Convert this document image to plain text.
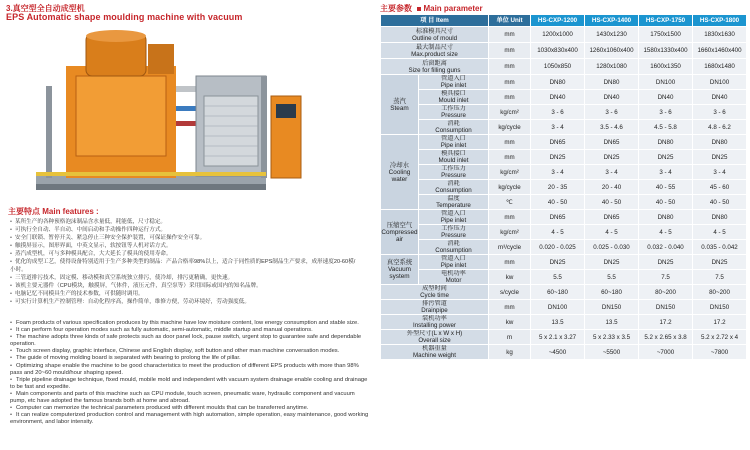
3.真空型全自动成型机
EPS Automatic shape moulding machine with vacuum
主要特点 Main features :
• 某所生产的各种预格泡沫制品含水量低，耗能低，尺寸稳定。
• 可执行全自动、半自动、中间启动和手动操作四种运行方式。
• 安全门联锁、暂停开关、紧急停止三种安全保护装置，可保证操作安全可靠。
• 触摸屏显示，图形界面，中英文显示，软按钮等人机对话方式。
• 蒸汽成型机，可与多种模具配合，大大延长了模具的使用寿命。
• 优化的成型工艺，使得设备特别适用于生产多种类型的制品：产品合格率98%以上，适合于同性质的EPS制品生产要求，成形速度20-60模/小时。
• 三管道排污技术，固定模、移动模和真空系统独立排污，使冷却，排污更精确，更快速。
• 该机主要元器件（CPU模块，触摸屏，气体件，液压元件，真空泵等）采用国际或国内的知名品牌。
• 电脑记忆不同模具生产的技术参数，可供随时调用。
• 可实行计算机生产控制管理：自动化程序高，操作简单，维修方便，劳动环境好，劳动强度低。
• Foam products of various specification produces by this machine have low moisture content, low energy consumption and stable size.
• It can perform four operation modes such as fully automatic, semi-automatic, middle startup and manual operations.
• The machine adopts three kinds of safe protects such as door panel lock, pause switch, urgent stop to guarantee safe and dependable operation.
• Touch screen display, graphic interface, Chinese and English display, soft button and other man machine conversation modes.
• The guide of moving molding board is separated with bearing to prolong the life of pillar.
• Optimizing shape enable the machine to be good characteristics to meet the production of different EPS products with more than 98% pass and 20~60 mould/hour shaping speed.
• Triple pipeline drainage technique, fixed mould, mobile mold and independent with vacuum system drainage enable cooling and drainage to be fast and expedite.
• Main components and parts of this machine such as CPU module, touch screen, pneumatic ware, hydraulic component and vacuum pump, etc have adopted the famous brands both at home and abroad.
• Computer can memorize the technical parameters produced with different moulds that can be transferred anytime.
• It can realize computerized production control and management with high automation, simple operation, easy maintenance, good working environment, and labor intensity.
主要参数 Main parameter
项 目 Item		单位 Unit	HS-CXP-1200	HS-CXP-1400	HS-CXP-1750	HS-CXP-1800
标准模具尺寸
Outline of mould		mm	1200x1000	1430x1230	1750x1500	1830x1630
最大制品尺寸
Max.product size		mm	1030x830x400	1260x1060x400	1580x1330x400	1660x1460x400
后窗距离
Size for filling guns		mm	1050x850	1280x1080	1600x1350	1680x1480
蒸汽
Steam	管道入口
Pipe inlet	mm	DN80	DN80	DN100	DN100
	模具接口
Mould inlet	mm	DN40	DN40	DN40	DN40
	工作压力
Pressure	kg/cm²	3 - 6	3 - 6	3 - 6	3 - 6
	消耗
Consumption	kg/cycle	3 - 4	3.5 - 4.6	4.5 - 5.8	4.8 - 6.2
冷却水
Cooling water	管道入口
Pipe inlet	mm	DN65	DN65	DN80	DN80
	模具接口
Mould inlet	mm	DN25	DN25	DN25	DN25
	工作压力
Pressure	kg/cm²	3 - 4	3 - 4	3 - 4	3 - 4
	消耗
Consumption	kg/cycle	20 - 35	20 - 40	40 - 55	45 - 60
	温度
Temperature	℃	40 - 50	40 - 50	40 - 50	40 - 50
压缩空气
Compressed air	管道入口
Pipe inlet	mm	DN65	DN65	DN80	DN80
	工作压力
Pressure	kg/cm²	4 - 5	4 - 5	4 - 5	4 - 5
	消耗
Consumption	m³/cycle	0.020 - 0.025	0.025 - 0.030	0.032 - 0.040	0.035 - 0.042
真空系统
Vacuum system	管道入口
Pipe inlet	mm	DN25	DN25	DN25	DN25
	电机功率
Motor	kw	5.5	5.5	7.5	7.5
成型时间
Cycle time		s/cycle	60~180	60~180	80~200	80~200
排污管道
Drainpipe		mm	DN100	DN150	DN150	DN150
装机功率
Installing power		kw	13.5	13.5	17.2	17.2
外型尺寸(L x W x H)
Overall size		m	5 x 2.1 x 3.27	5 x 2.33 x 3.5	5.2 x 2.65 x 3.8	5.2 x 2.72 x 4
机器重量
Machine weight		kg	~4500	~5500	~7000	~7800
